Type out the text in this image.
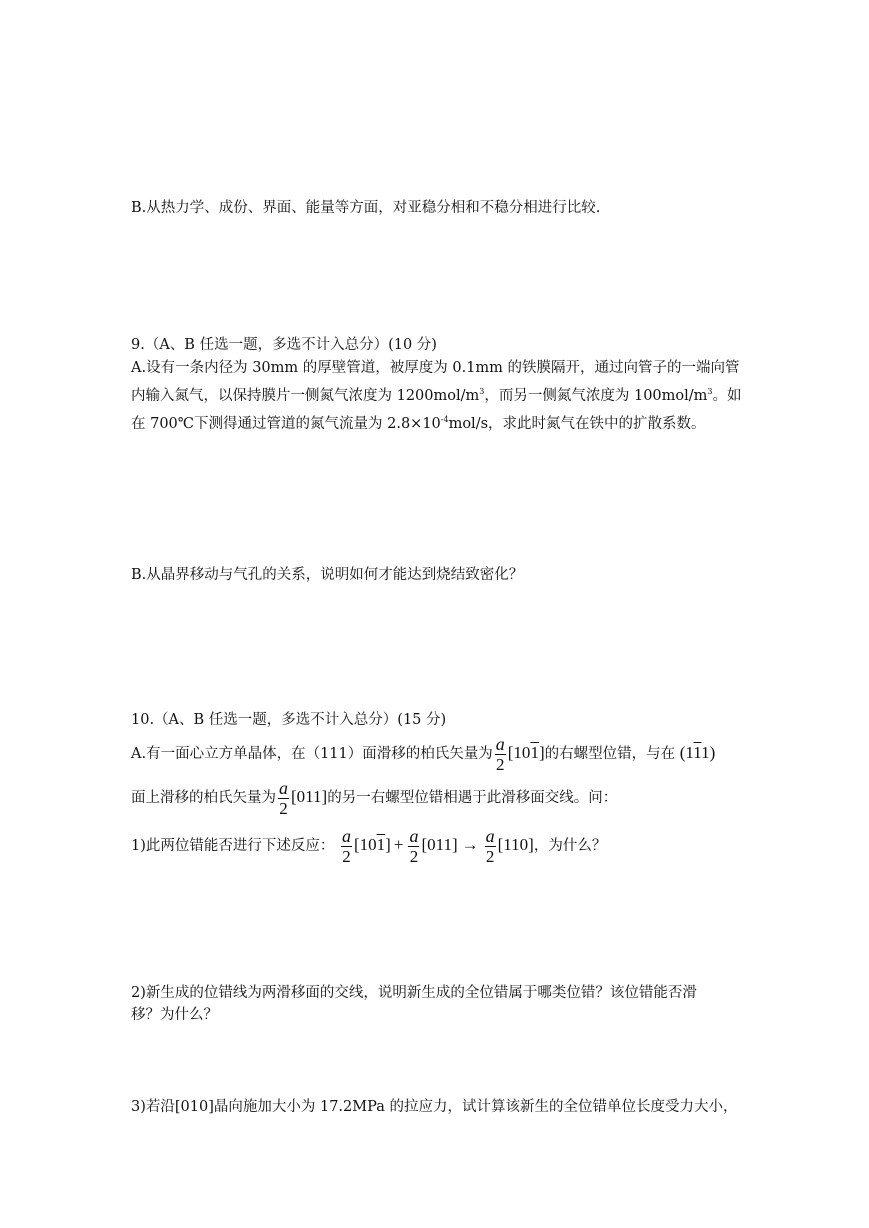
B.从热力学、成份、界面、能量等方面，对亚稳分相和不稳分相进行比较.
9.（A、B 任选一题，多选不计入总分）(10 分)
A.设有一条内径为 30mm 的厚壁管道，被厚度为 0.1mm 的铁膜隔开，通过向管子的一端向管
内输入氮气，以保持膜片一侧氮气浓度为 $1200mol/m^3$，而另一侧氮气浓度为 $100mol/m^3$。如
在 700℃下测得通过管道的氮气流量为 $2.8\times 10^{-4}mol/s$，求此时氮气在铁中的扩散系数。
B.从晶界移动与气孔的关系，说明如何才能达到烧结致密化？
10.（A、B 任选一题，多选不计入总分）(15 分)
A.有一面心立方单晶体，在（111）面滑移的柏氏矢量为 $\frac{a}{2} [101]$的右螺型位错，与在 (111)
面上滑移的柏氏矢量为 $\frac{a}{2} [011]$的另一右螺型位错相遇于此滑移面交线。问：
1)此两位错能否进行下述反应： $\frac{a}{2} [101] + \frac{a}{2} [011] \to \frac{a}{2} [110]$，为什么？
2)新生成的位错线为两滑移面的交线，说明新生成的全位错属于哪类位错？该位错能否滑
移？为什么？
3)若沿[010]晶向施加大小为 17.2MPa 的拉应力，试计算该新生的全位错单位长度受力大小，
